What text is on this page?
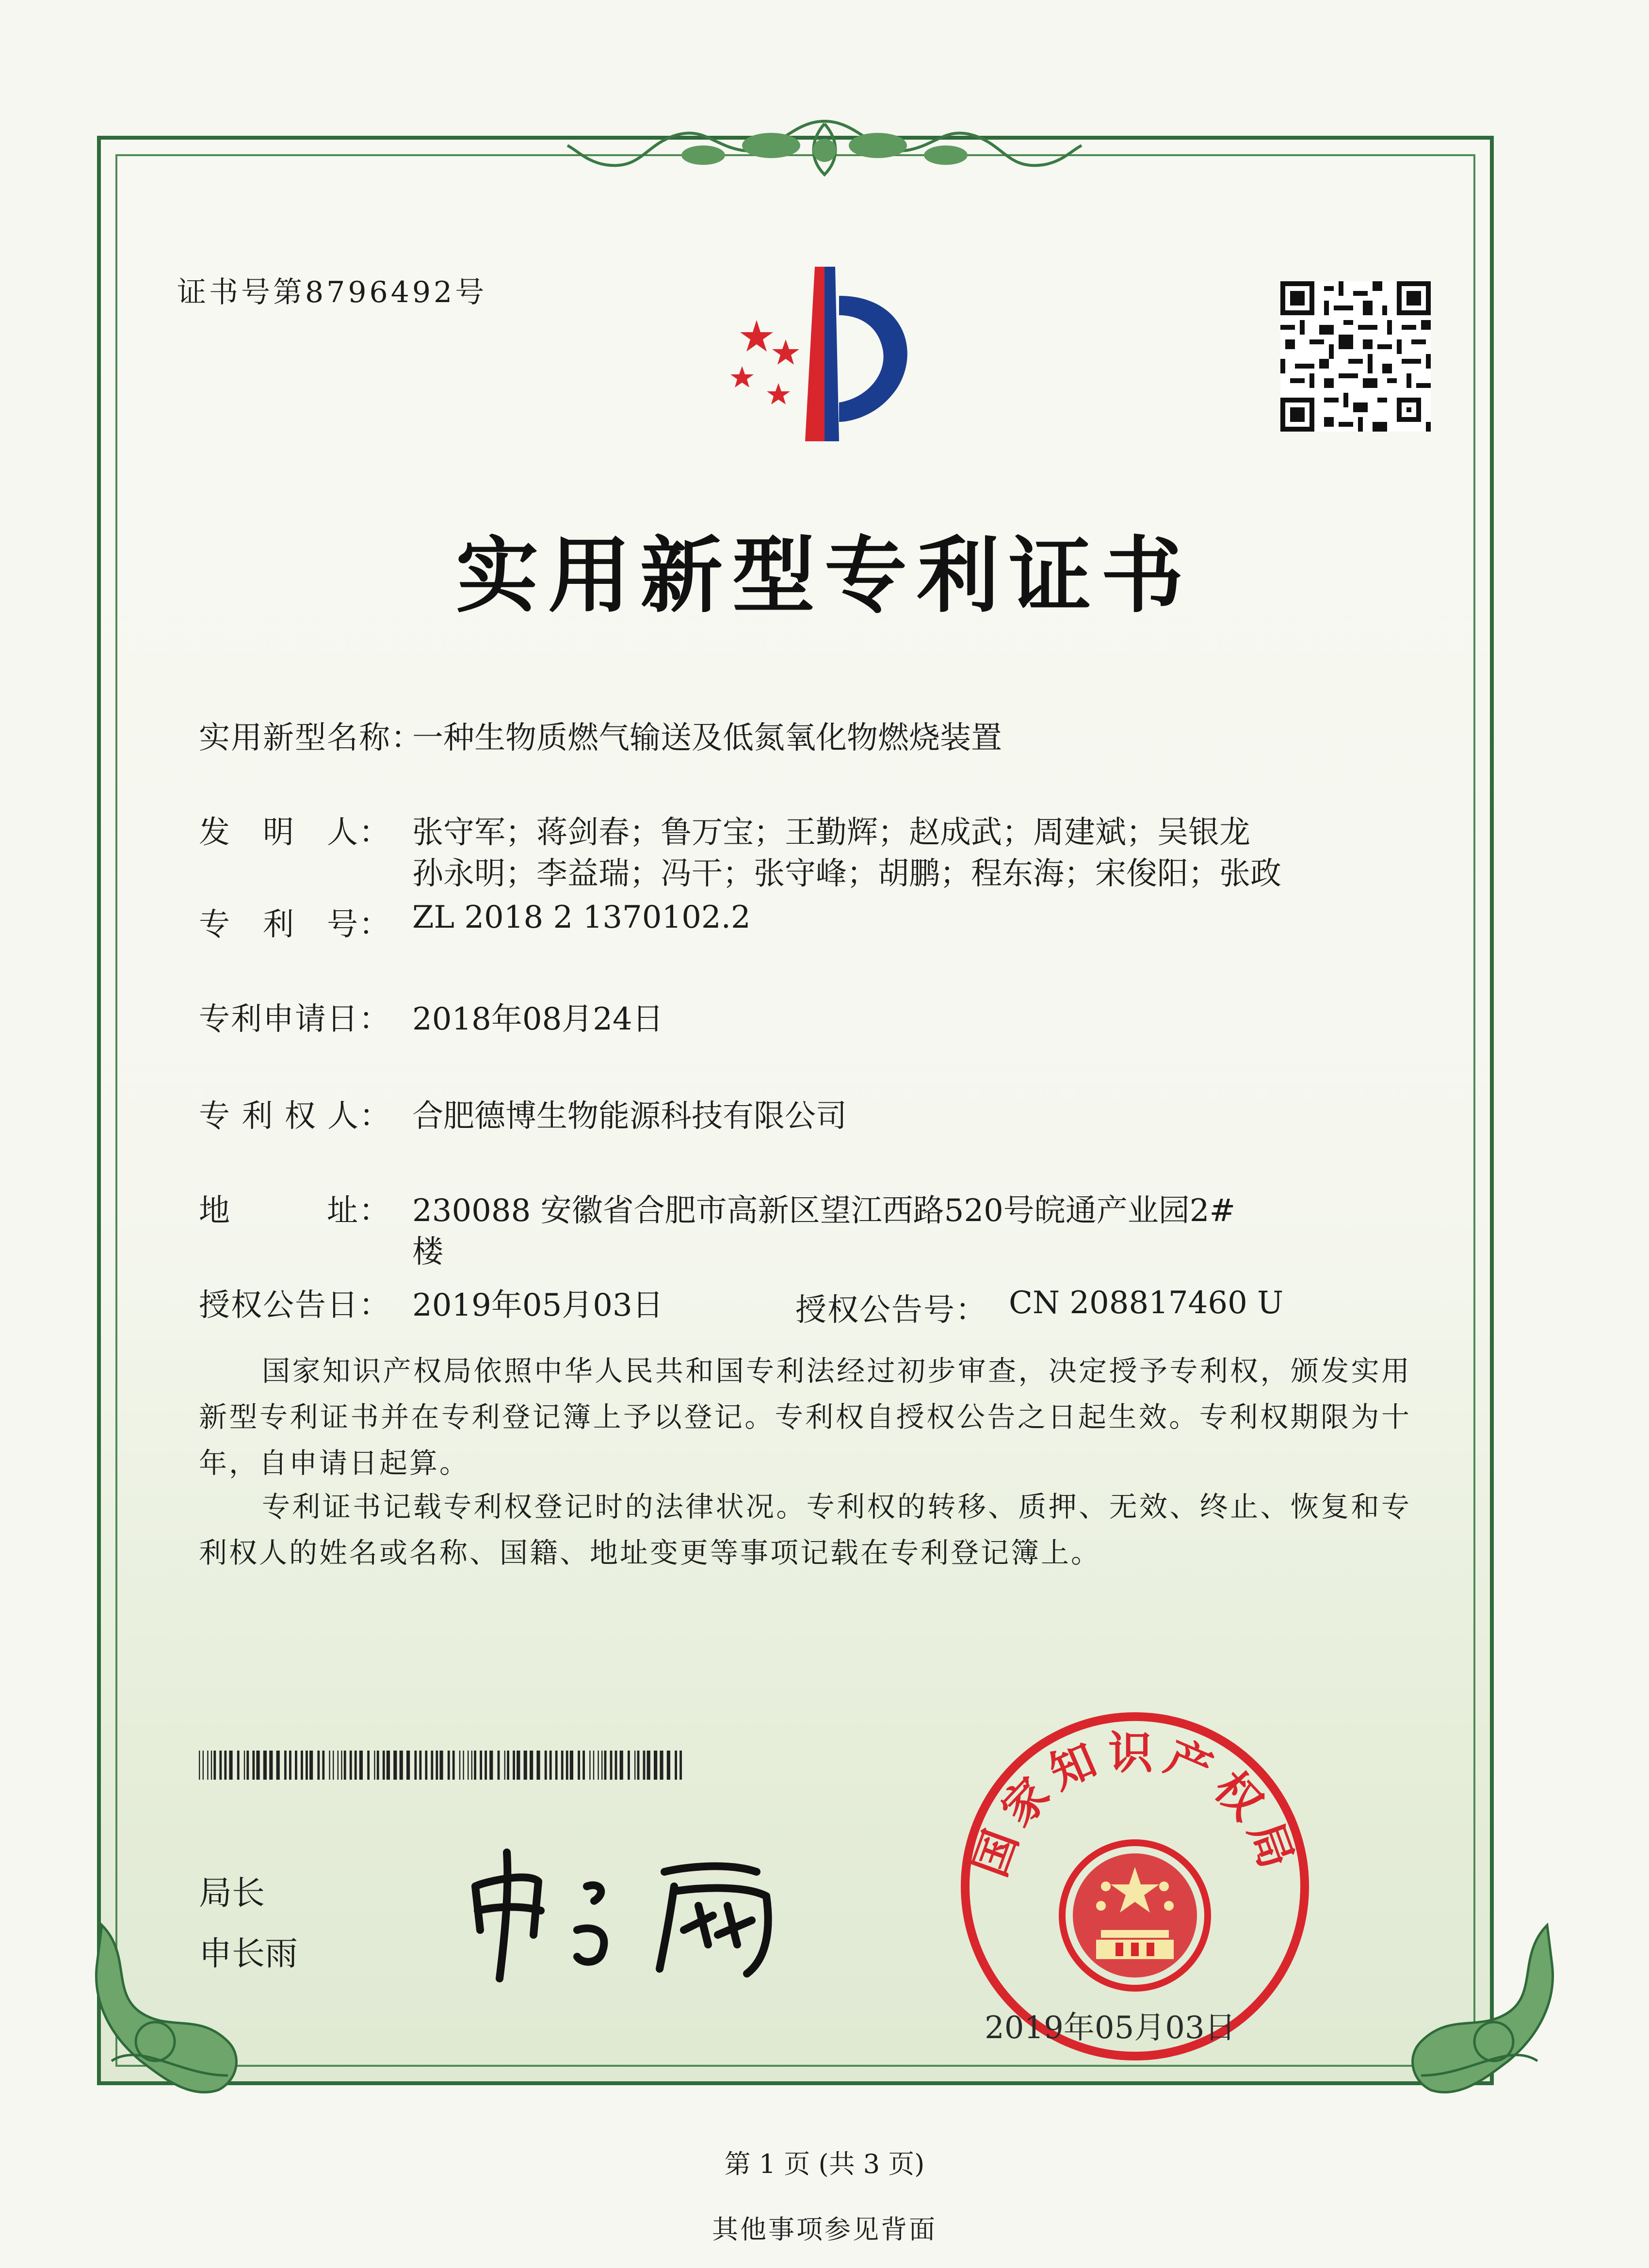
证书号第8796492号
实用新型专利证书
实用新型名称：
一种生物质燃气输送及低氮氧化物燃烧装置
发　明　人： 张守军；蒋剑春；鲁万宝；王勤辉；赵成武；周建斌；吴银龙
孙永明；李益瑞；冯干；张守峰；胡鹏；程东海；宋俊阳；张政
专　利　号： ZL 2018 2 1370102.2
专利申请日： 2018年08月24日
专 利 权 人： 合肥德博生物能源科技有限公司
地　　　址： 230088 安徽省合肥市高新区望江西路520号皖通产业园2#
楼
授权公告日： 2019年05月03日	授权公告号： CN 208817460 U
国家知识产权局依照中华人民共和国专利法经过初步审查，决定授予专利权，颁发实用新型专利证书并在专利登记簿上予以登记。专利权自授权公告之日起生效。专利权期限为十年，自申请日起算。
专利证书记载专利权登记时的法律状况。专利权的转移、质押、无效、终止、恢复和专利权人的姓名或名称、国籍、地址变更等事项记载在专利登记簿上。
局长
申长雨
国家知识产权局
2019年05月03日
第 1 页 (共 3 页)
其他事项参见背面
